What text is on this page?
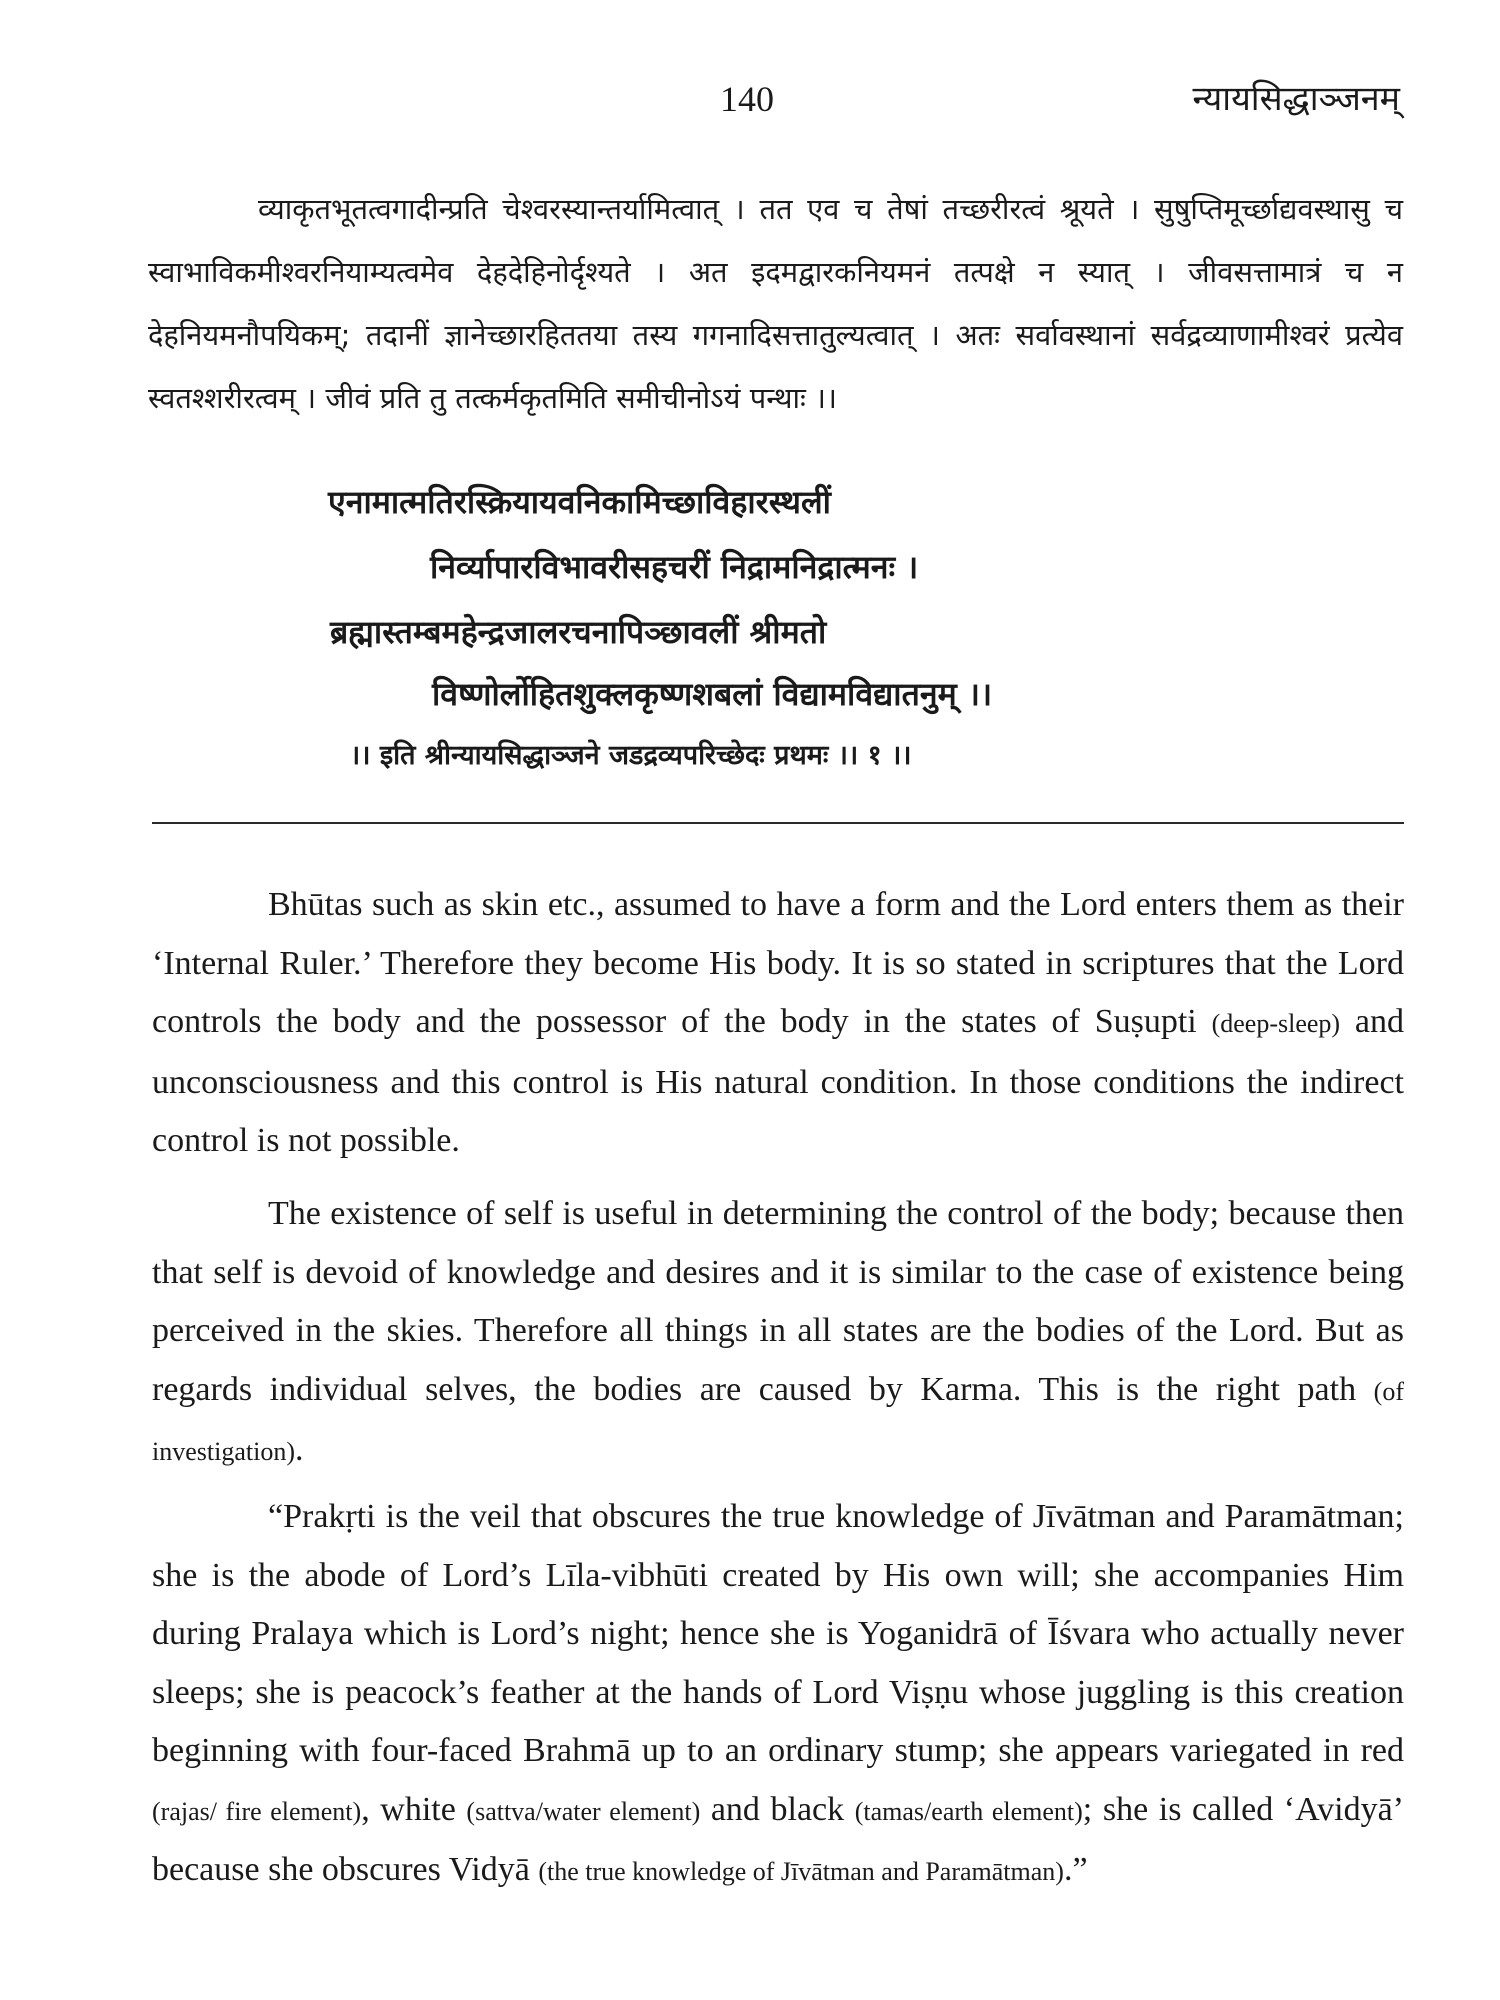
140	न्यायसिद्धाञ्जनम्

व्याकृतभूतत्वगादीन्प्रति चेश्वरस्यान्तर्यामित्वात् । तत एव च तेषां तच्छरीरत्वं श्रूयते । सुषुप्तिमूर्च्छाद्यवस्थासु च स्वाभाविकमीश्वरनियाम्यत्वमेव देहदेहिनोर्दृश्यते । अत इदमद्वारकनियमनं तत्पक्षे न स्यात् । जीवसत्तामात्रं च न देहनियमनौपयिकम्; तदानीं ज्ञानेच्छारहिततया तस्य गगनादिसत्तातुल्यत्वात् । अतः सर्वावस्थानां सर्वद्रव्याणामीश्वरं प्रत्येव स्वतश्शरीरत्वम् । जीवं प्रति तु तत्कर्मकृतमिति समीचीनोऽयं पन्थाः ।।

एनामात्मतिरस्क्रियायवनिकामिच्छाविहारस्थलीं

निर्व्यापारविभावरीसहचरीं निद्रामनिद्रात्मनः ।

ब्रह्मास्तम्बमहेन्द्रजालरचनापिञ्छावलीं श्रीमतो

विष्णोर्लोहितशुक्लकृष्णशबलां विद्यामविद्यातनुम् ।।

।। इति श्रीन्यायसिद्धाञ्जने जडद्रव्यपरिच्छेदः प्रथमः ।। १ ।।

Bhūtas such as skin etc., assumed to have a form and the Lord enters them as their ‘Internal Ruler.’ Therefore they become His body. It is so stated in scriptures that the Lord controls the body and the possessor of the body in the states of Suṣupti (deep-sleep) and unconsciousness and this control is His natural condition. In those conditions the indirect control is not possible.

The existence of self is useful in determining the control of the body; because then that self is devoid of knowledge and desires and it is similar to the case of existence being perceived in the skies. Therefore all things in all states are the bodies of the Lord. But as regards individual selves, the bodies are caused by Karma. This is the right path (of investigation).

“Prakṛti is the veil that obscures the true knowledge of Jīvātman and Paramātman; she is the abode of Lord’s Līla-vibhūti created by His own will; she accompanies Him during Pralaya which is Lord’s night; hence she is Yoganidrā of Īśvara who actually never sleeps; she is peacock’s feather at the hands of Lord Viṣṇu whose juggling is this creation beginning with four-faced Brahmā up to an ordinary stump; she appears variegated in red (rajas/ fire element), white (sattva/water element) and black (tamas/earth element); she is called ‘Avidyā’ because she obscures Vidyā (the true knowledge of Jīvātman and Paramātman).”
